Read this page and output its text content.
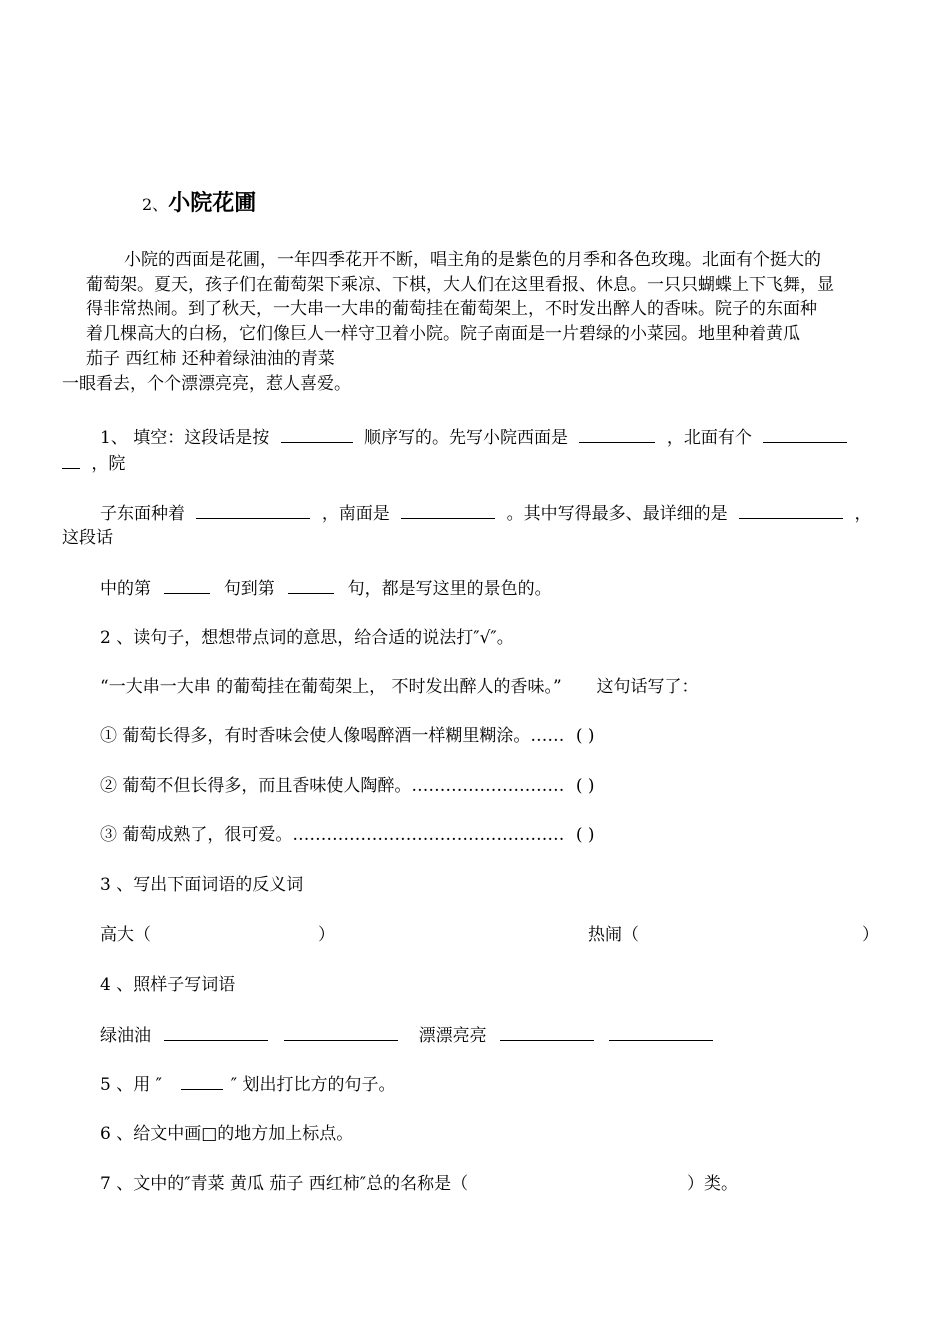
2、小院花圃
小院的西面是花圃，一年四季花开不断，唱主角的是紫色的月季和各色玫瑰。北面有个挺大的
葡萄架。夏天，孩子们在葡萄架下乘凉、下棋，大人们在这里看报、休息。一只只蝴蝶上下飞舞，显
得非常热闹。到了秋天，一大串一大串的葡萄挂在葡萄架上，不时发出醉人的香味。院子的东面种
着几棵高大的白杨，它们像巨人一样守卫着小院。院子南面是一片碧绿的小菜园。地里种着黄瓜
茄子 西红柿 还种着绿油油的青菜
一眼看去，个个漂漂亮亮，惹人喜爱。
1、 填空：这段话是按	顺序写的。先写小院西面是	，北面有个
，院
子东面种着	，南面是	。其中写得最多、最详细的是	，
这段话
中的第	句到第	句，都是写这里的景色的。
2 、读句子，想想带点词的意思，给合适的说法打″√″。
“一大串一大串 的葡萄挂在葡萄架上， 不时发出醉人的香味。” 这句话写了：
① 葡萄长得多，有时香味会使人像喝醉酒一样糊里糊涂。…… ( )
② 葡萄不但长得多，而且香味使人陶醉。……………………… ( )
③ 葡萄成熟了，很可爱。………………………………………… ( )
3 、写出下面词语的反义词
高大（	）	热闹（	）
4 、照样子写词语
绿油油	漂漂亮亮
5 、用 ″	″ 划出打比方的句子。
6 、给文中画□的地方加上标点。
7 、文中的″青菜 黄瓜 茄子 西红柿″总的名称是（	）类。
